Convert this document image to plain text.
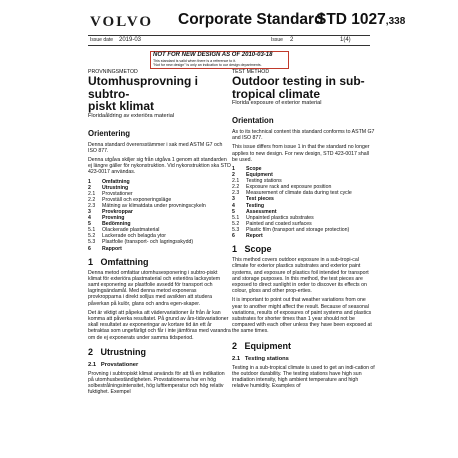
VOLVO Corporate Standard
STD 1027,338
Issue date 2019-03	Issue 2	1(4)
NOT FOR NEW DESIGN AS OF 2010-03-18
This standard is valid when there is a reference to it.
"Not for new design" is only an indication to our design departments.
PROVNINGSMETOD
Utomhusprovning i subtro-
piskt klimat
Floridaåldring av exteriöra material
Orientering
Denna standard överensstämmer i sak med ASTM G7 och ISO 877.
Denna utgåva skiljer sig från utgåva 1 genom att standarden ej längre gäller för nykonstruktion. Vid nykonstruktion ska STD 423-0017 användas.
1	Omfattning
2	Utrustning
2.1	Provstationer
2.2	Provställ och exponeringsläge
2.3	Mätning av klimatdata under provningscykeln
3	Provkroppar
4	Provning
5	Bedömning
5.1	Olackerade plastmaterial
5.2	Lackerade och belagda ytor
5.3	Plastfolie (transport- och lagringsskydd)
6	Rapport
1   Omfattning
Denna metod omfattar utomhusexponering i subtro-piskt klimat för exteriöra plastmaterial och exteriöra lacksystem samt exponering av plastfolie avsedd för transport och lagringsändamål. Med denna metod exponeras provkropparna i direkt solljus med avsikten att studera påverkan på kulör, glans och andra egen-skaper.
Det är viktigt att påpeka att vädervariationer år från år kan komma att påverka resultatet. På grund av års-tidsvariationer skall resultatet av exponeringar av kortare tid än ett år betraktas som ungefärligt och får i inte jämföras med varandra om de ej exponerats under samma tidsperiod.
2   Utrustning
2.1   Provstationer
Provning i subtropiskt klimat används för att få en indikation på utomhusbeständigheten. Provstationerna har en hög solbestrålningsintensitet, hög lufttemperatur och hög relativ fuktighet. Exempel
TEST METHOD
Outdoor testing in sub-
tropical climate
Florida exposure of exterior material
Orientation
As to its technical content this standard conforms to ASTM G7 and ISO 877.
This issue differs from issue 1 in that the standard no longer applies to new design. For new design, STD 423-0017 shall be used.
1	Scope
2	Equipment
2.1	Testing stations
2.2	Exposure rack and exposure position
2.3	Measurement of climate data during test cycle
3	Test pieces
4	Testing
5	Assessment
5.1	Unpainted plastics substrates
5.2	Painted and coated surfaces
5.3	Plastic film (transport and storage protection)
6	Report
1   Scope
This method covers outdoor exposure in a sub-tropi-cal climate for exterior plastics substrates and exterior paint systems, and exposure of plastics foil intended for transport and storage purposes. In this method, the test pieces are exposed to direct sunlight in order to discover its effects on colour, gloss and other prop-erties.
It is important to point out that weather variations from one year to another might affect the result. Because of seasonal variations, results of exposures of paint systems and plastics substrates for shorter times than 1 year should not be compared with each other unless they have been exposed at the same times.
2   Equipment
2.1   Testing stations
Testing in a sub-tropical climate is used to get an indi-cation of the outdoor durability. The testing stations have high sun irradiation intensity, high ambient temperature and high relative humidity. Examples of
